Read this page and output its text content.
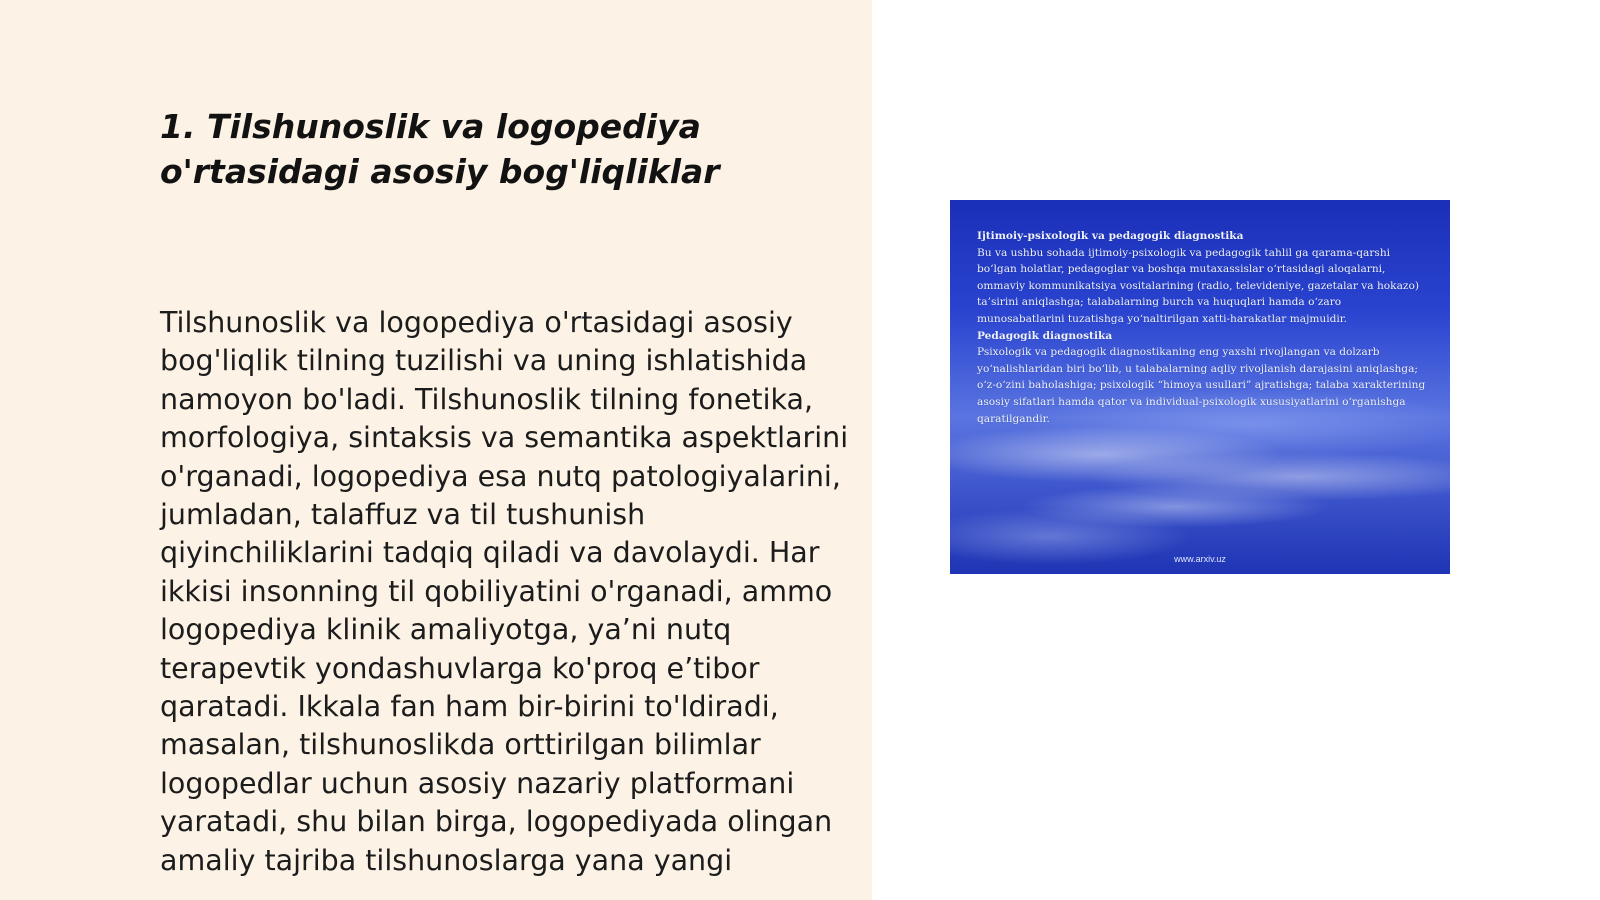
1. Tilshunoslik va logopediya o'rtasidagi asosiy bog'liqliklar

Tilshunoslik va logopediya o'rtasidagi asosiy bog'liqlik tilning tuzilishi va uning ishlatishida namoyon bo'ladi. Tilshunoslik tilning fonetika, morfologiya, sintaksis va semantika aspektlarini o'rganadi, logopediya esa nutq patologiyalarini, jumladan, talaffuz va til tushunish qiyinchiliklarini tadqiq qiladi va davolaydi. Har ikkisi insonning til qobiliyatini o'rganadi, ammo logopediya klinik amaliyotga, ya’ni nutq terapevtik yondashuvlarga ko'proq e’tibor qaratadi. Ikkala fan ham bir-birini to'ldiradi, masalan, tilshunoslikda orttirilgan bilimlar logopedlar uchun asosiy nazariy platformani yaratadi, shu bilan birga, logopediyada olingan amaliy tajriba tilshunoslarga yana yangi

Ijtimoiy-psixologik va pedagogik diagnostika
Bu va ushbu sohada ijtimoiy-psixologik va pedagogik tahlil ga qarama-qarshi bo‘lgan holatlar, pedagoglar va boshqa mutaxassislar o‘rtasidagi aloqalarni, ommaviy kommunikatsiya vositalarining (radio, televideniye, gazetalar va hokazo) ta’sirini aniqlashga; talabalarning burch va huquqlari hamda o‘zaro munosabatlarini tuzatishga yo‘naltirilgan xatti-harakatlar majmuidir.
Pedagogik diagnostika
Psixologik va pedagogik diagnostikaning eng yaxshi rivojlangan va dolzarb yo‘nalishlaridan biri bo‘lib, u talabalarning aqliy rivojlanish darajasini aniqlashga; o‘z-o‘zini baholashiga; psixologik “himoya usullari” ajratishga; talaba xarakterining asosiy sifatlari hamda qator va individual-psixologik xususiyatlarini o‘rganishga qaratilgandir.
www.arxiv.uz
